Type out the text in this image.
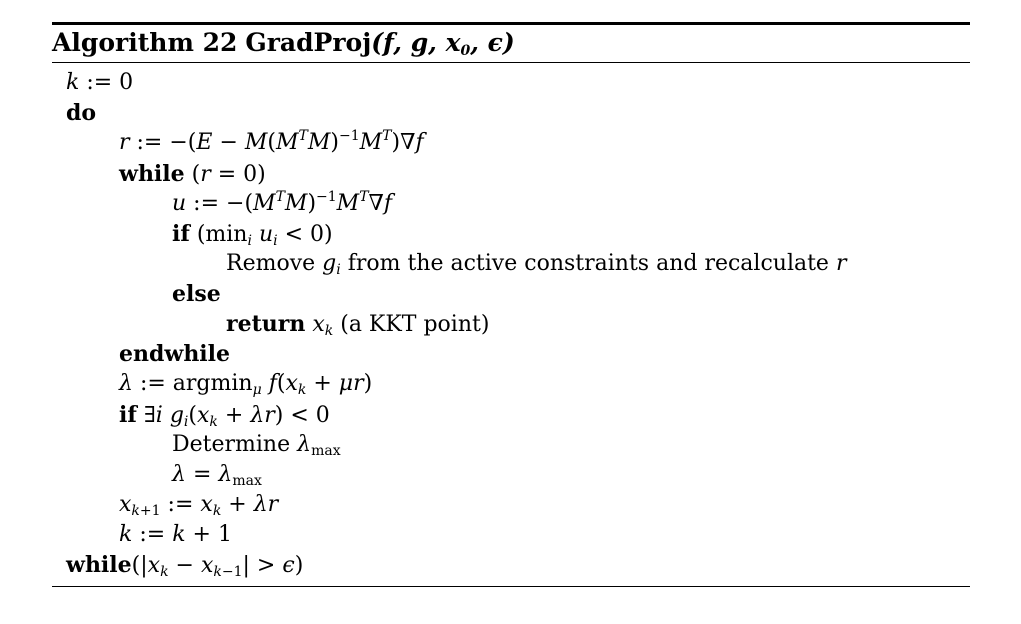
Algorithm 22 GradProj(f, g, $x_0$, ϵ)
k := 0
do
r := $-(E - M(M^TM)^{-1}M^T)\nabla f$
while (r = 0)
u := $-(M^TM)^{-1}M^T\nabla f$
if ($\min_i$ $u_i < 0$)
Remove $g_i$ from the active constraints and recalculate r
else
return $x_k$ (a KKT point)
endwhile
λ := argmin$_\mu$ $f(x_k + \mu r)$
if ∃i $g_i(x_k + \lambda r) < 0$
Determine $\lambda_{max}$
$\lambda = \lambda_{max}$
$x_{k+1}$ := $x_k + \lambda r$
k := k + 1
$while(|x_k - x_{k-1}| > \epsilon)$
